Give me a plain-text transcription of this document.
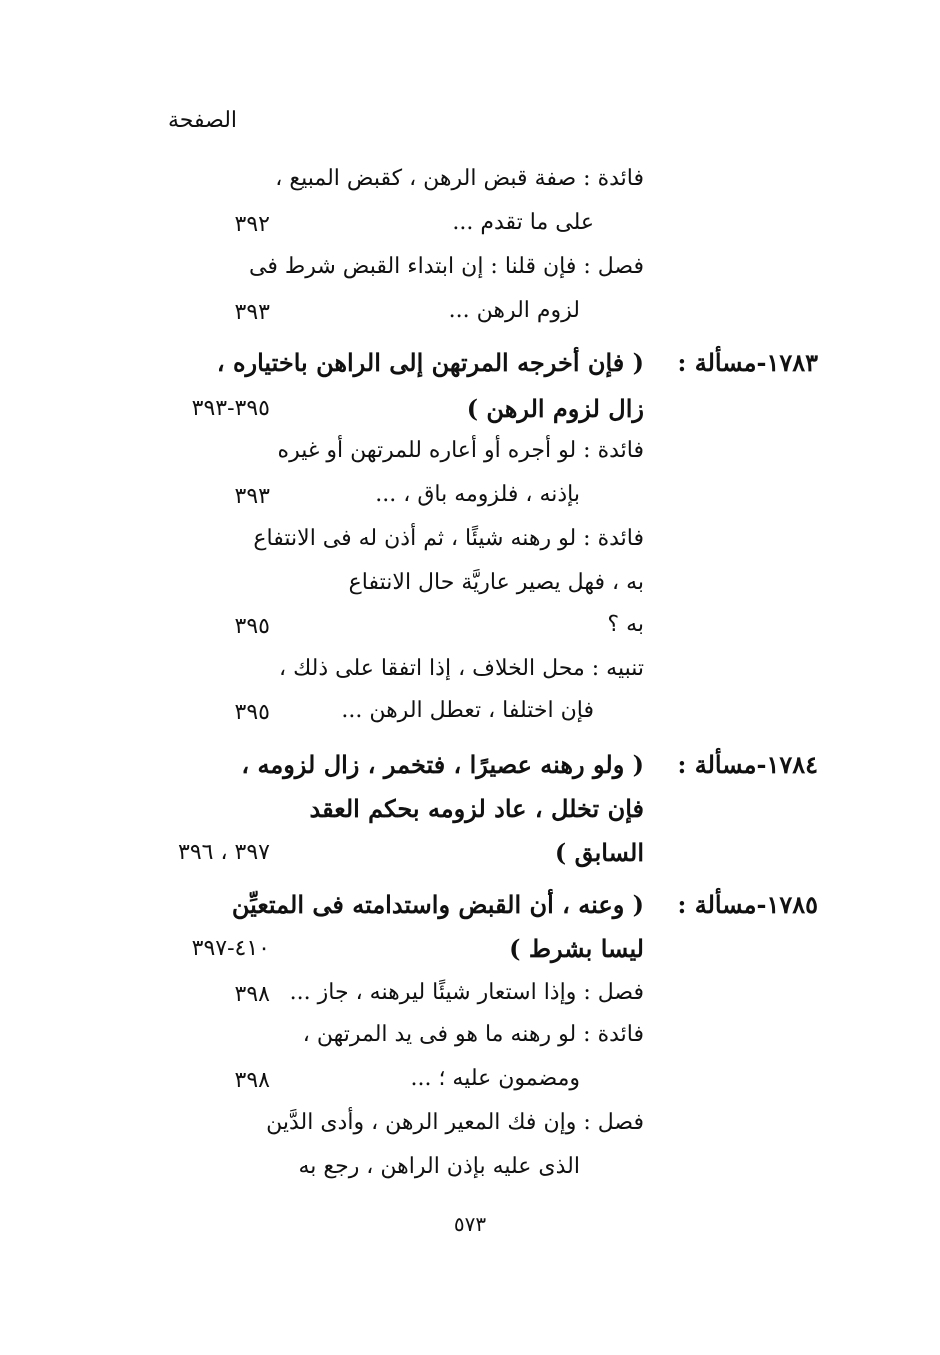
الصفحة
فائدة : صفة قبض الرهن ، كقبض المبيع ،
٣٩٢	على ما تقدم ...
فصل : فإن قلنا : إن ابتداء القبض شرط فى
٣٩٣	لزوم الرهن ...
١٧٨٣-مسألة :
( فإن أخرجه المرتهن إلى الراهن باختياره ،
٣٩٥-٣٩٣	زال لزوم الرهن )
فائدة : لو أجره أو أعاره للمرتهن أو غيره
٣٩٣	بإذنه ، فلزومه باق ، ...
فائدة : لو رهنه شيئًا ، ثم أذن له فى الانتفاع
به ، فهل يصير عاريَّة حال الانتفاع
٣٩٥	به ؟
تنبيه : محل الخلاف ، إذا اتفقا على ذلك ،
٣٩٥	فإن اختلفا ، تعطل الرهن ...
١٧٨٤-مسألة :
( ولو رهنه عصيرًا ، فتخمر ، زال لزومه ،
فإن تخلل ، عاد لزومه بحكم العقد
٣٩٧ ، ٣٩٦	السابق )
١٧٨٥-مسألة :
( وعنه ، أن القبض واستدامته فى المتعيِّن
٤١٠-٣٩٧	ليسا بشرط )
٣٩٨ فصل : وإذا استعار شيئًا ليرهنه ، جاز ...
فائدة : لو رهنه ما هو فى يد المرتهن ،
٣٩٨	ومضمون عليه ؛ ...
فصل : وإن فك المعير الرهن ، وأدى الدَّين
الذى عليه بإذن الراهن ، رجع به
٥٧٣
